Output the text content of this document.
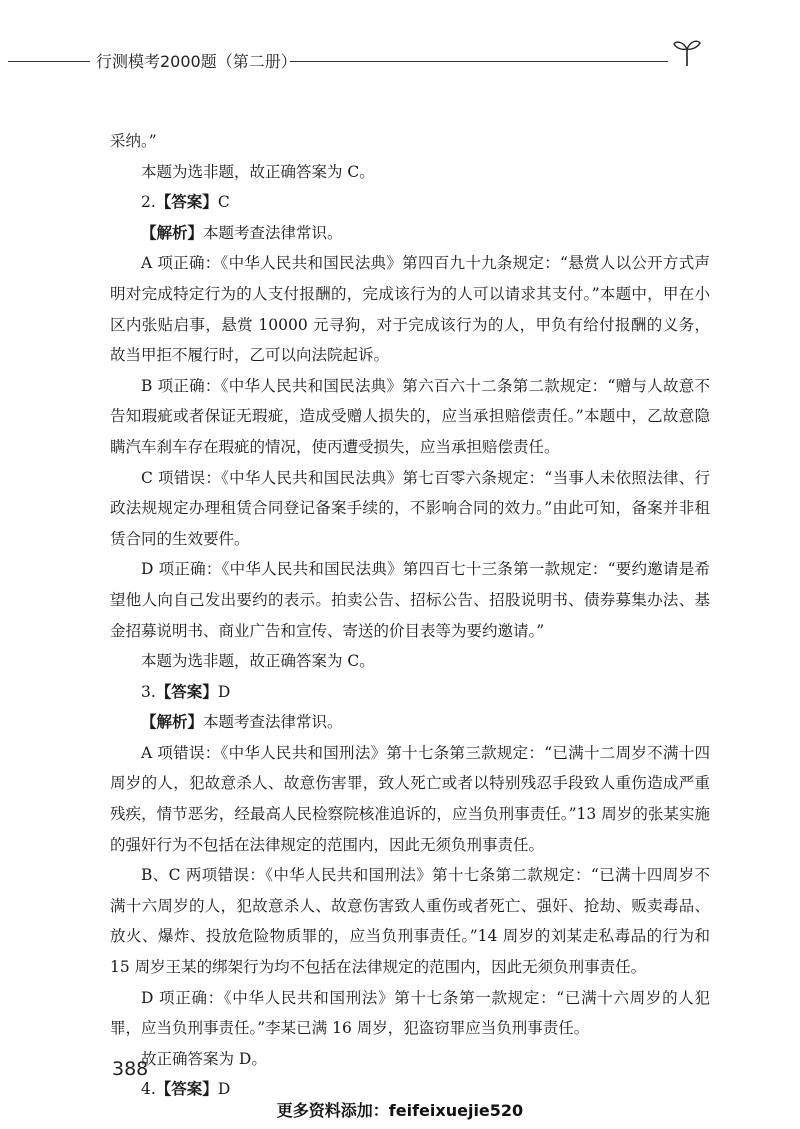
行测模考2000题（第二册）

采纳。”

本题为选非题，故正确答案为 C。

2.【答案】C

【解析】本题考查法律常识。

A 项正确：《中华人民共和国民法典》第四百九十九条规定：“悬赏人以公开方式声明对完成特定行为的人支付报酬的，完成该行为的人可以请求其支付。”本题中，甲在小区内张贴启事，悬赏 10000 元寻狗，对于完成该行为的人，甲负有给付报酬的义务，故当甲拒不履行时，乙可以向法院起诉。

B 项正确：《中华人民共和国民法典》第六百六十二条第二款规定：“赠与人故意不告知瑕疵或者保证无瑕疵，造成受赠人损失的，应当承担赔偿责任。”本题中，乙故意隐瞒汽车刹车存在瑕疵的情况，使丙遭受损失，应当承担赔偿责任。

C 项错误：《中华人民共和国民法典》第七百零六条规定：“当事人未依照法律、行政法规规定办理租赁合同登记备案手续的，不影响合同的效力。”由此可知，备案并非租赁合同的生效要件。

D 项正确：《中华人民共和国民法典》第四百七十三条第一款规定：“要约邀请是希望他人向自己发出要约的表示。拍卖公告、招标公告、招股说明书、债券募集办法、基金招募说明书、商业广告和宣传、寄送的价目表等为要约邀请。”

本题为选非题，故正确答案为 C。

3.【答案】D

【解析】本题考查法律常识。

A 项错误：《中华人民共和国刑法》第十七条第三款规定：“已满十二周岁不满十四周岁的人，犯故意杀人、故意伤害罪，致人死亡或者以特别残忍手段致人重伤造成严重残疾，情节恶劣，经最高人民检察院核准追诉的，应当负刑事责任。”13 周岁的张某实施的强奸行为不包括在法律规定的范围内，因此无须负刑事责任。

B、C 两项错误：《中华人民共和国刑法》第十七条第二款规定：“已满十四周岁不满十六周岁的人，犯故意杀人、故意伤害致人重伤或者死亡、强奸、抢劫、贩卖毒品、放火、爆炸、投放危险物质罪的，应当负刑事责任。”14 周岁的刘某走私毒品的行为和 15 周岁王某的绑架行为均不包括在法律规定的范围内，因此无须负刑事责任。

D 项正确：《中华人民共和国刑法》第十七条第一款规定：“已满十六周岁的人犯罪，应当负刑事责任。”李某已满 16 周岁，犯盗窃罪应当负刑事责任。

故正确答案为 D。

4.【答案】D

388
更多资料添加：feifeixuejie520
